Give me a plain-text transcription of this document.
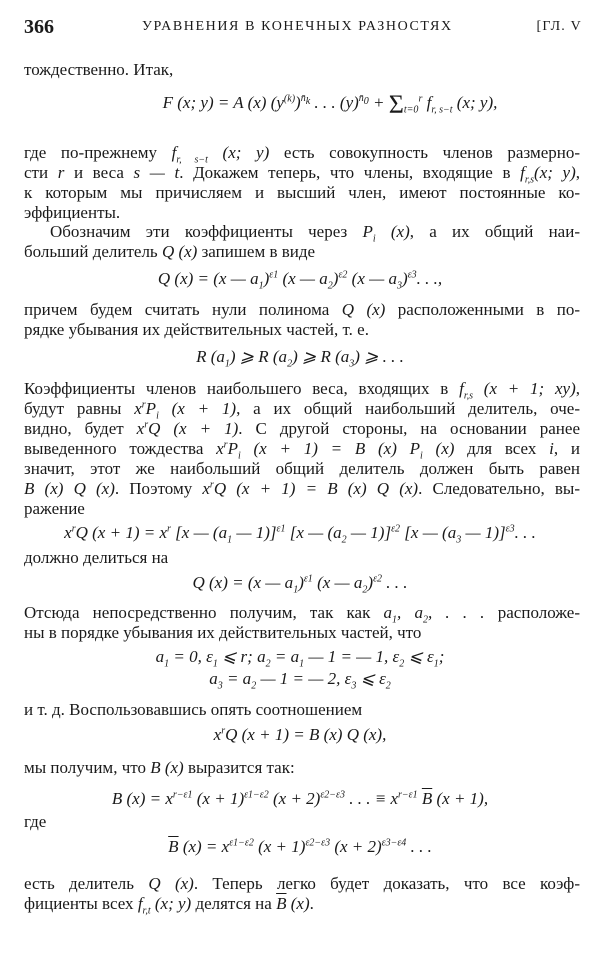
366	УРАВНЕНИЯ В КОНЕЧНЫХ РАЗНОСТЯХ	[ГЛ. V
тождественно. Итак,
F (x; y) = A (x) $(y^{(k)})^{n̄_k}$ . . . $(y)^{n̄_0} + \Sigma_{t=0}^r$ $f_{r, s-t}$ (x; y),
где по-прежнему $f_{r, s-t}$ (x; y) есть совокупность членов размерно-
сти r и веса s — t. Докажем теперь, что члены, входящие в $f_{r,s}(x$; y),
к которым мы причисляем и высший член, имеют постоянные ко-
эффициенты.
Обозначим эти коэффициенты через $P_i$ (x), а их общий наи-
больший делитель Q (x) запишем в виде
Q (x) = (x — $a_1)^{\varepsilon 1}$ (x — $a_2)^{\varepsilon 2}$ (x — $a_3)^{\varepsilon 3}$. . .,
причем будем считать нули полинома Q (x) расположенными в по-
рядке убывания их действительных частей, т. е.
R $(a_1)$ ⩾ R $(a_2)$ ⩾ R $(a_3)$ ⩾ . . .
Коэффициенты членов наибольшего веса, входящих в $f_{r,s}$ (x + 1; xy),
будут равны $x^rP_i$ (x + 1), а их общий наибольший делитель, оче-
видно, будет $x^rQ$ (x + 1). С другой стороны, на основании ранее
выведенного тождества $x^rP_i$ (x + 1) = B (x) $P_i$ (x) для всех i, и
значит, этот же наибольший общий делитель должен быть равен
B (x) Q (x). Поэтому $x^rQ$ (x + 1) = B (x) Q (x). Следовательно, вы-
ражение
$x^rQ$ $(x + 1) = x^r$ [x — ($a_1$ — 1)]$^{\varepsilon 1}$ [x — ($a_2$ — 1)]$^{\varepsilon 2}$ [x — ($a_3$ — 1)]$^{\varepsilon 3}$. . .
должно делиться на
Q (x) = (x — $a_1)^{\varepsilon 1}$ (x — $a_2)^{\varepsilon 2}$ . . .
Отсюда непосредственно получим, так как $a_1$, $a_2$, . . . расположе-
ны в порядке убывания их действительных частей, что
$a_1 = 0$, $\varepsilon_1$ ⩽ r; $a_2 = a_1$ — 1 = — 1, $\varepsilon_2$ ⩽ $\varepsilon_1$;
$a_3 = a_2$ — 1 = — 2, $\varepsilon_3$ ⩽ $\varepsilon_2$
и т. д. Воспользовавшись опять соотношением
$x^rQ$ (x + 1) = B (x) Q (x),
мы получим, что B (x) выразится так:
B $(x) = x^{r-\varepsilon 1}$ $(x + 1)^{\varepsilon 1-\varepsilon 2}$ $(x + 2)^{\varepsilon 2-\varepsilon 3}$ . . . ≡ $x^{r-\varepsilon 1}$ $\overline{B}$ (x + 1),
где
$\overline{B}$ $(x) = x^{\varepsilon 1-\varepsilon 2}$ $(x + 1)^{\varepsilon 2-\varepsilon 3}$ $(x + 2)^{\varepsilon 3-\varepsilon 4}$ . . .
есть делитель Q (x). Теперь легко будет доказать, что все коэф-
фициенты всех $f_{r,t}$ (x; y) делятся на $\overline{B}$ (x).
